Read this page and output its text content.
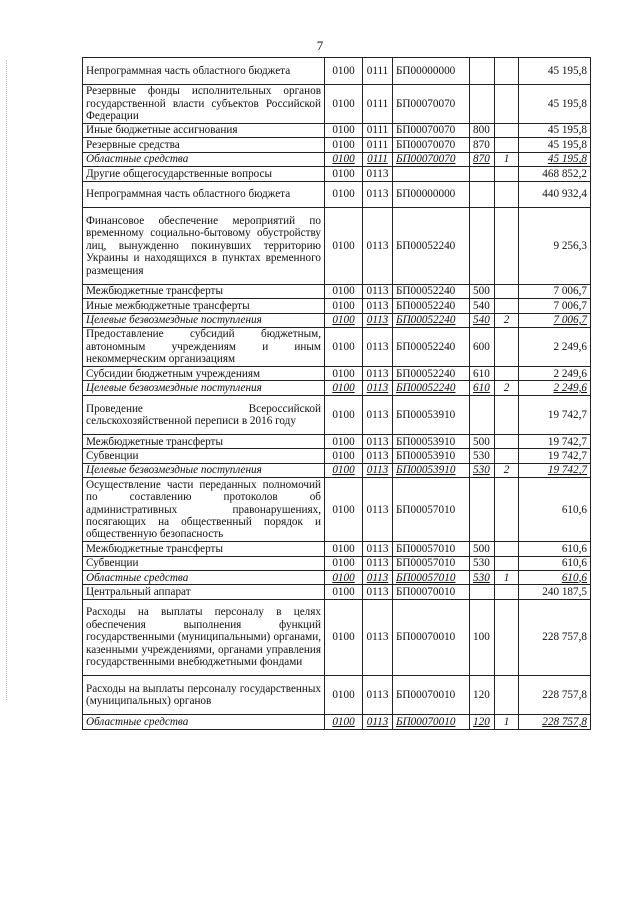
7
Непрограммная часть областного бюджета	0100	0111	БП00000000			45 195,8
Резервные фонды исполнительных органов государственной власти субъектов Российской Федерации	0100	0111	БП00070070			45 195,8
Иные бюджетные ассигнования	0100	0111	БП00070070	800		45 195,8
Резервные средства	0100	0111	БП00070070	870		45 195,8
Областные средства	0100	0111	БП00070070	870	1	45 195,8
Другие общегосударственные вопросы	0100	0113				468 852,2
Непрограммная часть областного бюджета	0100	0113	БП00000000			440 932,4
Финансовое обеспечение мероприятий по временному социально-бытовому обустройству лиц, вынужденно покинувших территорию Украины и находящихся в пунктах временного размещения	0100	0113	БП00052240			9 256,3
Межбюджетные трансферты	0100	0113	БП00052240	500		7 006,7
Иные межбюджетные трансферты	0100	0113	БП00052240	540		7 006,7
Целевые безвозмездные поступления	0100	0113	БП00052240	540	2	7 006,7
Предоставление субсидий бюджетным, автономным учреждениям и иным некоммерческим организациям	0100	0113	БП00052240	600		2 249,6
Субсидии бюджетным учреждениям	0100	0113	БП00052240	610		2 249,6
Целевые безвозмездные поступления	0100	0113	БП00052240	610	2	2 249,6
Проведение Всероссийской сельскохозяйственной переписи в 2016 году	0100	0113	БП00053910			19 742,7
Межбюджетные трансферты	0100	0113	БП00053910	500		19 742,7
Субвенции	0100	0113	БП00053910	530		19 742,7
Целевые безвозмездные поступления	0100	0113	БП00053910	530	2	19 742,7
Осуществление части переданных полномочий по составлению протоколов об административных правонарушениях, посягающих на общественный порядок и общественную безопасность	0100	0113	БП00057010			610,6
Межбюджетные трансферты	0100	0113	БП00057010	500		610,6
Субвенции	0100	0113	БП00057010	530		610,6
Областные средства	0100	0113	БП00057010	530	1	610,6
Центральный аппарат	0100	0113	БП00070010			240 187,5
Расходы на выплаты персоналу в целях обеспечения выполнения функций государственными (муниципальными) органами, казенными учреждениями, органами управления государственными внебюджетными фондами	0100	0113	БП00070010	100		228 757,8
Расходы на выплаты персоналу государственных (муниципальных) органов	0100	0113	БП00070010	120		228 757,8
Областные средства	0100	0113	БП00070010	120	1	228 757,8
